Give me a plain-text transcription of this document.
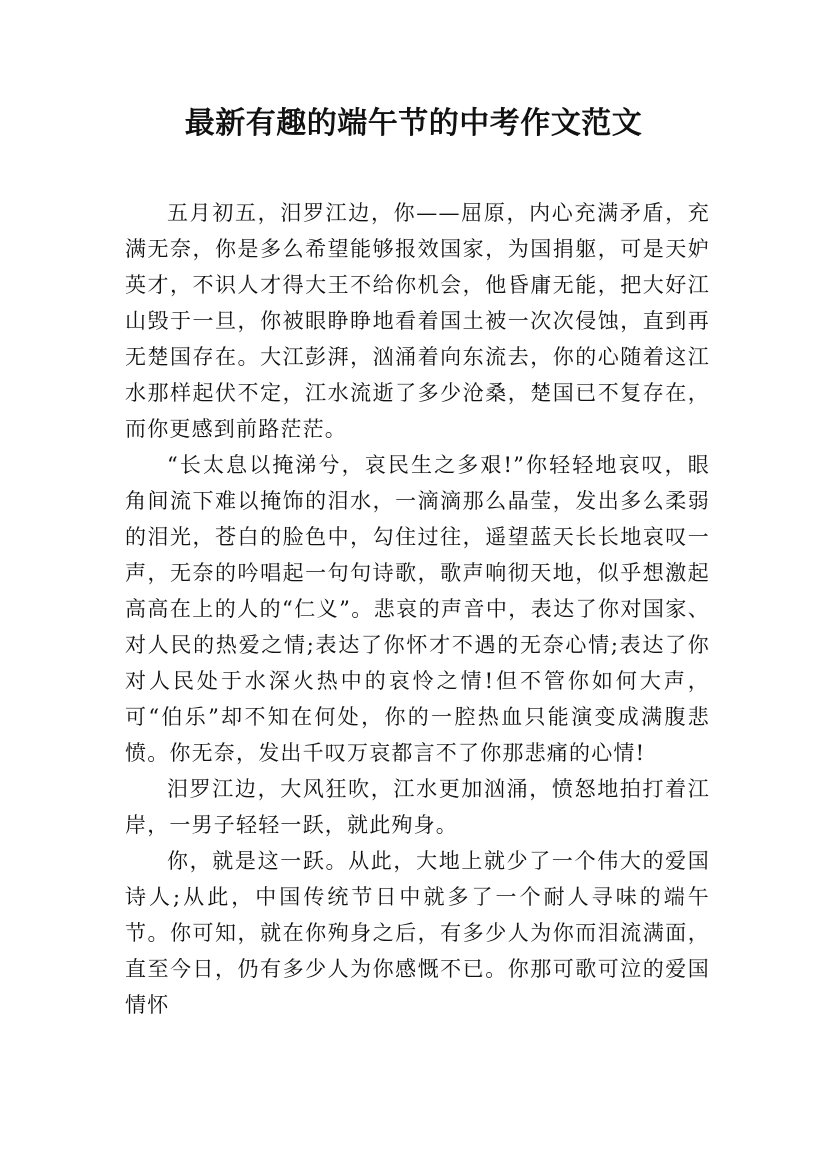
最新有趣的端午节的中考作文范文

五月初五，汨罗江边，你——屈原，内心充满矛盾，充满无奈，你是多么希望能够报效国家，为国捐躯，可是天妒英才，不识人才得大王不给你机会，他昏庸无能，把大好江山毁于一旦，你被眼睁睁地看着国土被一次次侵蚀，直到再无楚国存在。大江彭湃，汹涌着向东流去，你的心随着这江水那样起伏不定，江水流逝了多少沧桑，楚国已不复存在，而你更感到前路茫茫。

“长太息以掩涕兮，哀民生之多艰!”你轻轻地哀叹，眼角间流下难以掩饰的泪水，一滴滴那么晶莹，发出多么柔弱的泪光，苍白的脸色中，勾住过往，遥望蓝天长长地哀叹一声，无奈的吟唱起一句句诗歌，歌声响彻天地，似乎想激起高高在上的人的“仁义”。悲哀的声音中，表达了你对国家、对人民的热爱之情;表达了你怀才不遇的无奈心情;表达了你对人民处于水深火热中的哀怜之情!但不管你如何大声，可“伯乐”却不知在何处，你的一腔热血只能演变成满腹悲愤。你无奈，发出千叹万哀都言不了你那悲痛的心情!

汨罗江边，大风狂吹，江水更加汹涌，愤怒地拍打着江岸，一男子轻轻一跃，就此殉身。

你，就是这一跃。从此，大地上就少了一个伟大的爱国诗人;从此，中国传统节日中就多了一个耐人寻味的端午节。你可知，就在你殉身之后，有多少人为你而泪流满面，直至今日，仍有多少人为你感慨不已。你那可歌可泣的爱国情怀
